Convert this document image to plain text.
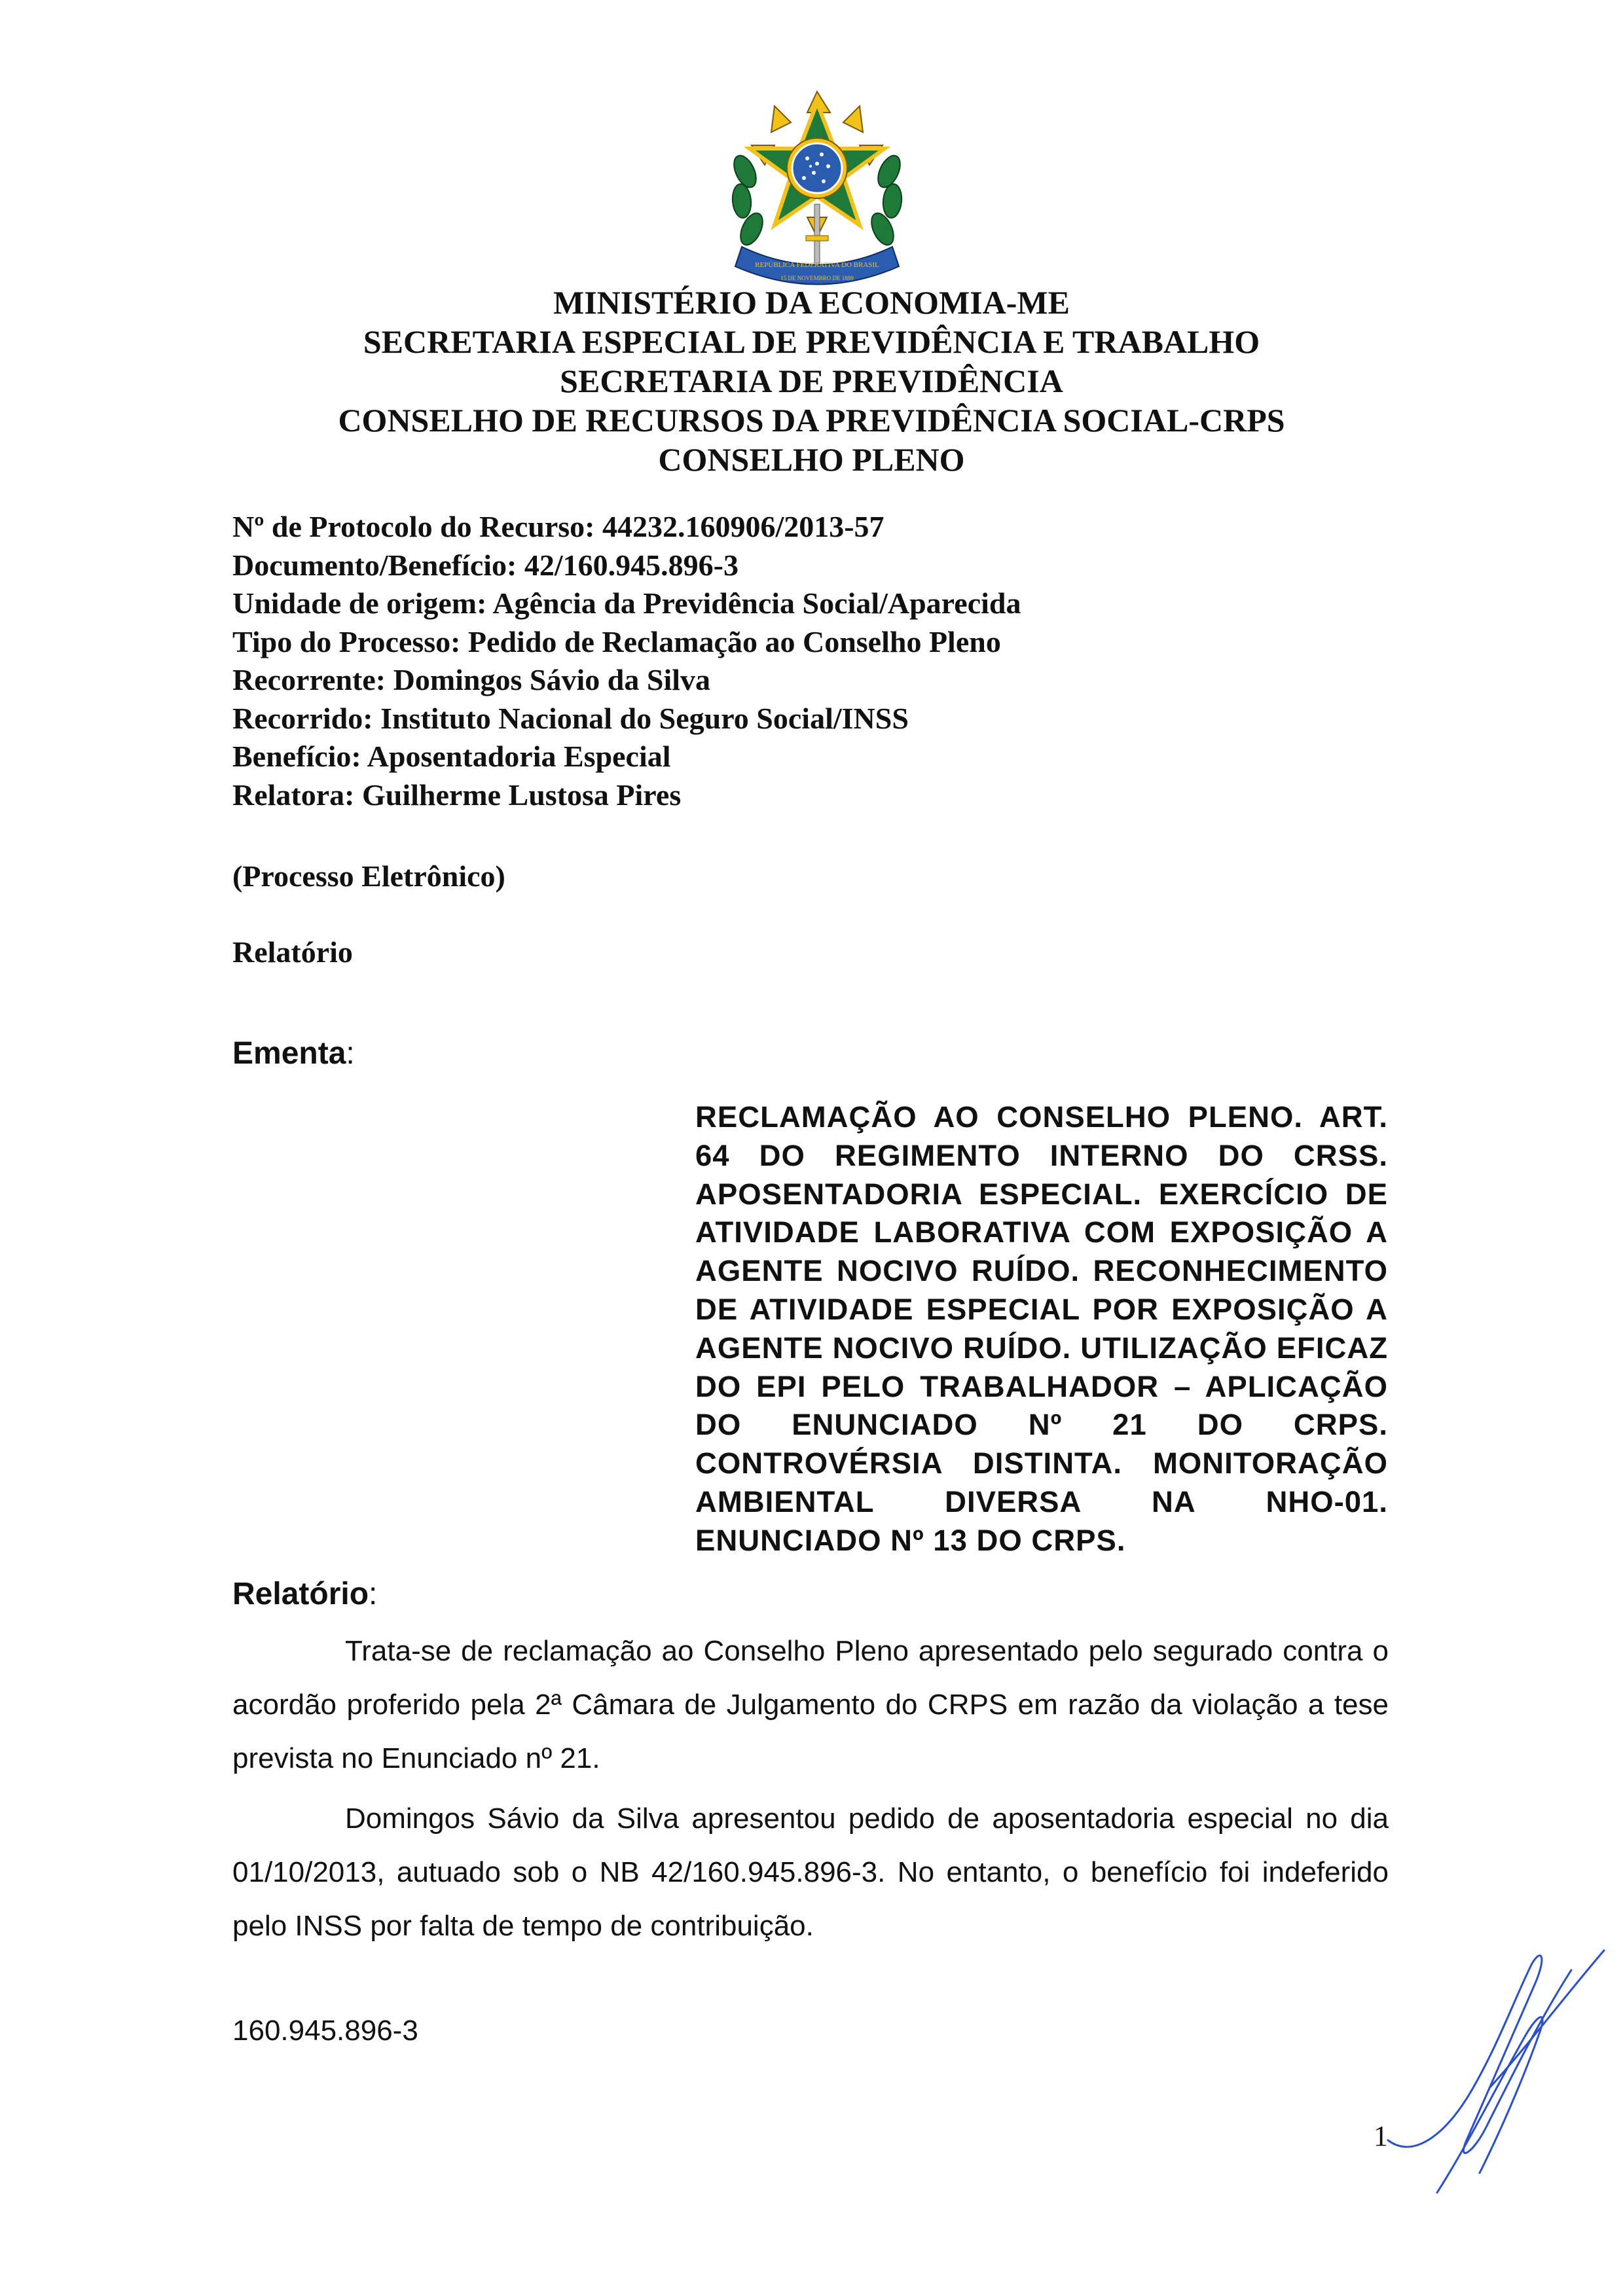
REPÚBLICA FEDERATIVA DO BRASIL
15 DE NOVEMBRO DE 1889
MINISTÉRIO DA ECONOMIA-ME
SECRETARIA ESPECIAL DE PREVIDÊNCIA E TRABALHO
SECRETARIA DE PREVIDÊNCIA
CONSELHO DE RECURSOS DA PREVIDÊNCIA SOCIAL-CRPS
CONSELHO PLENO
Nº de Protocolo do Recurso: 44232.160906/2013-57
Documento/Benefício: 42/160.945.896-3
Unidade de origem: Agência da Previdência Social/Aparecida
Tipo do Processo: Pedido de Reclamação ao Conselho Pleno
Recorrente: Domingos Sávio da Silva
Recorrido: Instituto Nacional do Seguro Social/INSS
Benefício: Aposentadoria Especial
Relatora: Guilherme Lustosa Pires
(Processo Eletrônico)
Relatório
Ementa:
RECLAMAÇÃO AO CONSELHO PLENO. ART. 64 DO REGIMENTO INTERNO DO CRSS. APOSENTADORIA ESPECIAL. EXERCÍCIO DE ATIVIDADE LABORATIVA COM EXPOSIÇÃO A AGENTE NOCIVO RUÍDO. RECONHECIMENTO DE ATIVIDADE ESPECIAL POR EXPOSIÇÃO A AGENTE NOCIVO RUÍDO. UTILIZAÇÃO EFICAZ DO EPI PELO TRABALHADOR – APLICAÇÃO DO ENUNCIADO Nº 21 DO CRPS. CONTROVÉRSIA DISTINTA. MONITORAÇÃO AMBIENTAL DIVERSA NA NHO-01. ENUNCIADO Nº 13 DO CRPS.
Relatório:
Trata-se de reclamação ao Conselho Pleno apresentado pelo segurado contra o acordão proferido pela 2ª Câmara de Julgamento do CRPS em razão da violação a tese prevista no Enunciado nº 21.
Domingos Sávio da Silva apresentou pedido de aposentadoria especial no dia 01/10/2013, autuado sob o NB 42/160.945.896-3. No entanto, o benefício foi indeferido pelo INSS por falta de tempo de contribuição.
160.945.896-3
1
